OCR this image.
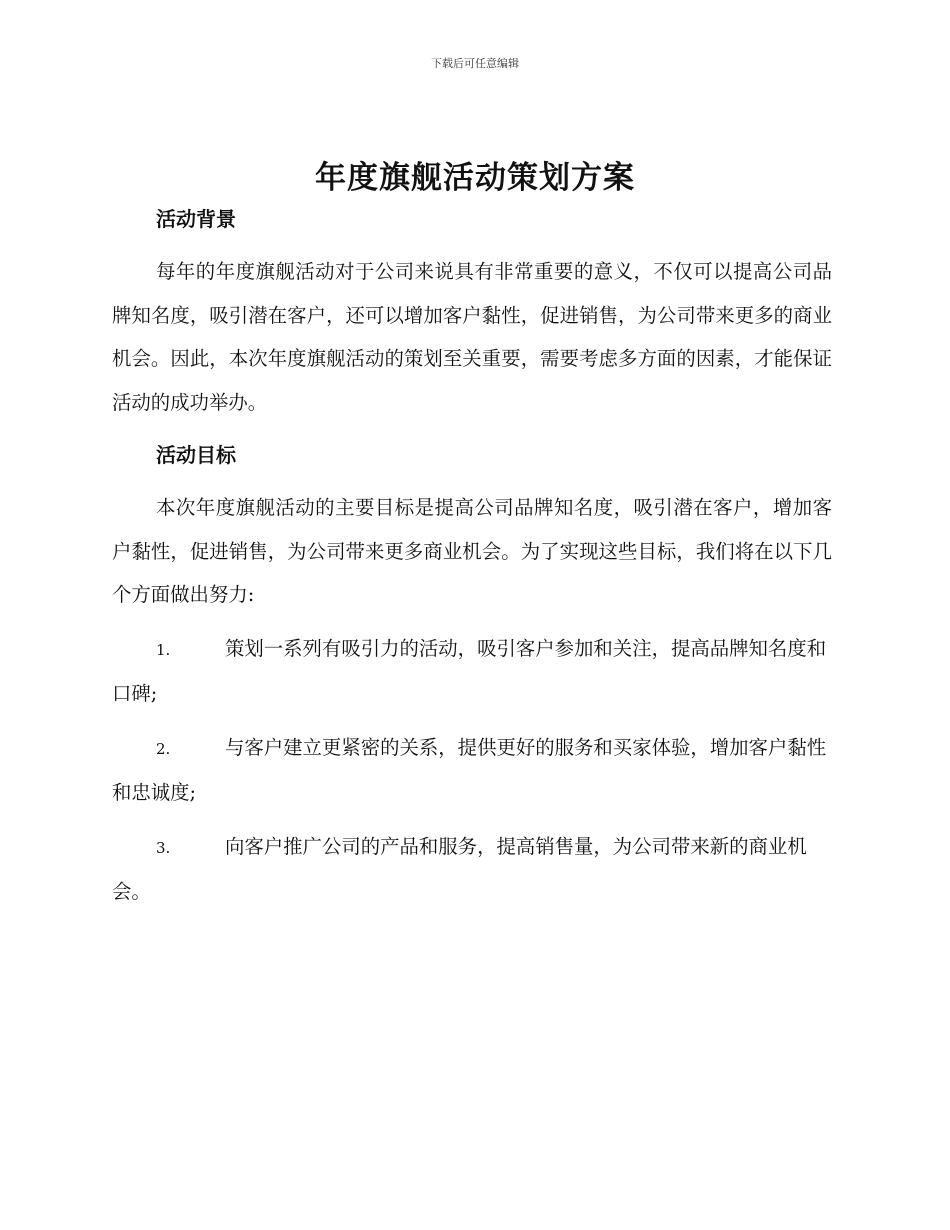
下载后可任意编辑
年度旗舰活动策划方案
活动背景

每年的年度旗舰活动对于公司来说具有非常重要的意义，不仅可以提高公司品牌知名度，吸引潜在客户，还可以增加客户黏性，促进销售，为公司带来更多的商业机会。因此，本次年度旗舰活动的策划至关重要，需要考虑多方面的因素，才能保证活动的成功举办。

活动目标

本次年度旗舰活动的主要目标是提高公司品牌知名度，吸引潜在客户，增加客户黏性，促进销售，为公司带来更多商业机会。为了实现这些目标，我们将在以下几个方面做出努力:

1.	策划一系列有吸引力的活动，吸引客户参加和关注，提高品牌知名度和口碑;

2.	与客户建立更紧密的关系，提供更好的服务和买家体验，增加客户黏性和忠诚度;

3.	向客户推广公司的产品和服务，提高销售量，为公司带来新的商业机会。
